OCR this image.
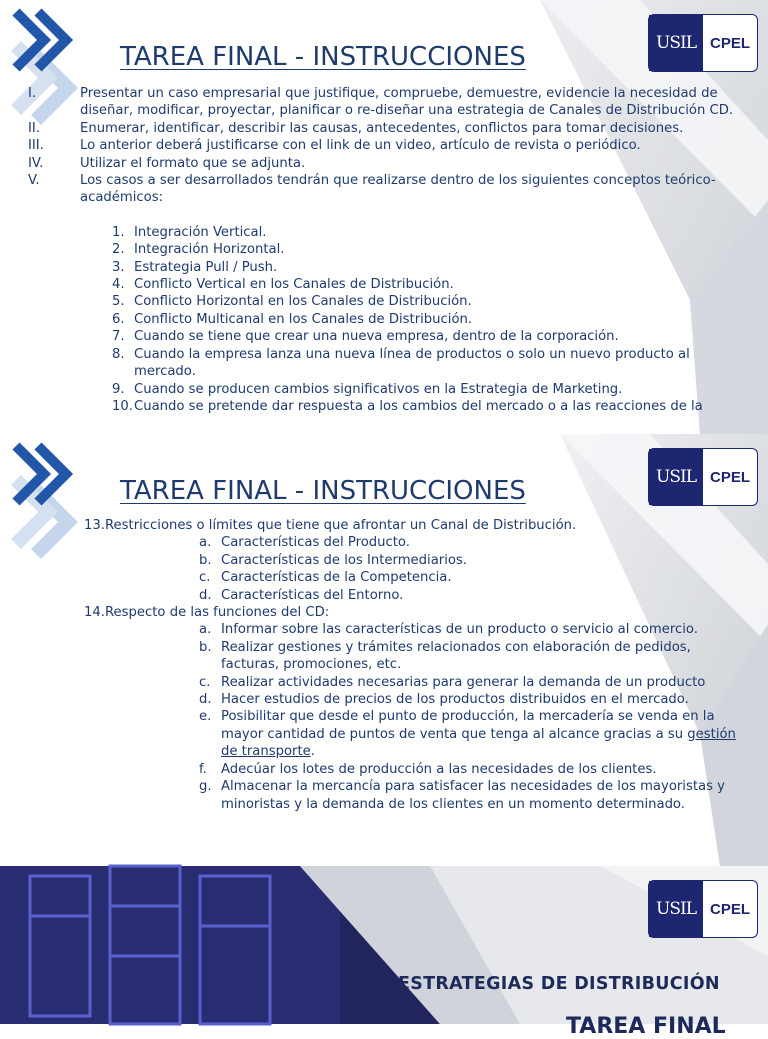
USIL CPEL
TAREA FINAL - INSTRUCCIONES
I.	Presentar un caso empresarial que justifique, compruebe, demuestre, evidencie la necesidad de diseñar, modificar, proyectar, planificar o re-diseñar una estrategia de Canales de Distribución CD.
II.	Enumerar, identificar, describir las causas, antecedentes, conflictos para tomar decisiones.
III.	Lo anterior deberá justificarse con el link de un video, artículo de revista o periódico.
IV.	Utilizar el formato que se adjunta.
V.	Los casos a ser desarrollados tendrán que realizarse dentro de los siguientes conceptos teórico-académicos:
1. Integración Vertical.
2. Integración Horizontal.
3. Estrategia Pull / Push.
4. Conflicto Vertical en los Canales de Distribución.
5. Conflicto Horizontal en los Canales de Distribución.
6. Conflicto Multicanal en los Canales de Distribución.
7. Cuando se tiene que crear una nueva empresa, dentro de la corporación.
8. Cuando la empresa lanza una nueva línea de productos o solo un nuevo producto al mercado.
9. Cuando se producen cambios significativos en la Estrategia de Marketing.
10. Cuando se pretende dar respuesta a los cambios del mercado o a las reacciones de la
USIL CPEL
TAREA FINAL - INSTRUCCIONES
13.Restricciones o límites que tiene que afrontar un Canal de Distribución.
a. Características del Producto.
b. Características de los Intermediarios.
c. Características de la Competencia.
d. Características del Entorno.
14.Respecto de las funciones del CD:
a. Informar sobre las características de un producto o servicio al comercio.
b. Realizar gestiones y trámites relacionados con elaboración de pedidos, facturas, promociones, etc.
c. Realizar actividades necesarias para generar la demanda de un producto
d. Hacer estudios de precios de los productos distribuidos en el mercado.
e. Posibilitar que desde el punto de producción, la mercadería se venda en la mayor cantidad de puntos de venta que tenga al alcance gracias a su gestión de transporte.
f. Adecúar los lotes de producción a las necesidades de los clientes.
g. Almacenar la mercancía para satisfacer las necesidades de los mayoristas y minoristas y la demanda de los clientes en un momento determinado.
USIL CPEL
ESTRATEGIAS DE DISTRIBUCIÓN
TAREA FINAL
